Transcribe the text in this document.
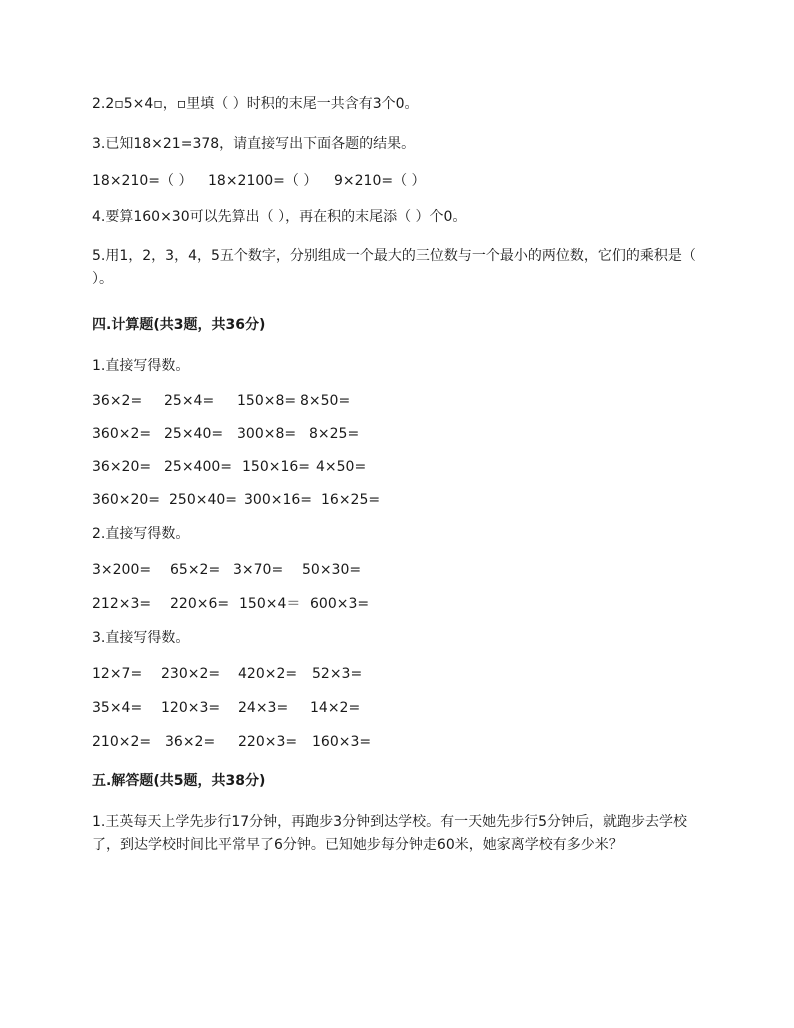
2.2▫5×4▫，▫里填（ ）时积的末尾一共含有3个0。
3.已知18×21=378，请直接写出下面各题的结果。
18×210=（ ） 18×2100=（ ） 9×210=（ ）
4.要算160×30可以先算出（ ），再在积的末尾添（ ）个0。
5.用1，2，3，4，5五个数字，分别组成一个最大的三位数与一个最小的两位数，它们的乘积是（ ）。
四.计算题(共3题，共36分)
1.直接写得数。
36×2= 25×4= 150×8= 8×50=
360×2= 25×40= 300×8= 8×25=
36×20= 25×400= 150×16= 4×50=
360×20= 250×40= 300×16= 16×25=
2.直接写得数。
3×200= 65×2= 3×70= 50×30=
212×3= 220×6= 150×4＝ 600×3=
3.直接写得数。
12×7= 230×2= 420×2= 52×3=
35×4= 120×3= 24×3= 14×2=
210×2= 36×2= 220×3= 160×3=
五.解答题(共5题，共38分)
1.王英每天上学先步行17分钟，再跑步3分钟到达学校。有一天她先步行5分钟后，就跑步去学校了，到达学校时间比平常早了6分钟。已知她步每分钟走60米，她家离学校有多少米？
